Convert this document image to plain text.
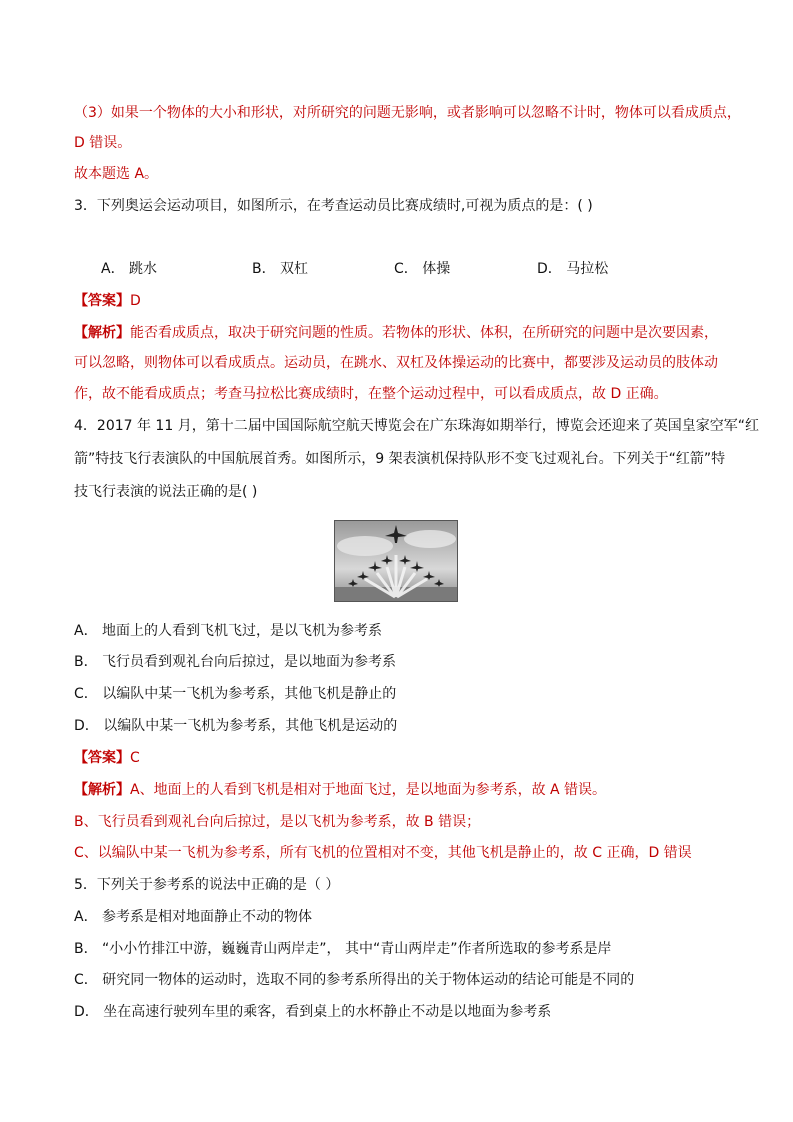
（3）如果一个物体的大小和形状，对所研究的问题无影响，或者影响可以忽略不计时，物体可以看成质点，
D 错误。
故本题选 A。
3．下列奥运会运动项目，如图所示，在考查运动员比赛成绩时,可视为质点的是：( )
A． 跳水	B． 双杠	C． 体操	D． 马拉松
【答案】D
【解析】能否看成质点，取决于研究问题的性质。若物体的形状、体积，在所研究的问题中是次要因素，
可以忽略，则物体可以看成质点。运动员，在跳水、双杠及体操运动的比赛中，都要涉及运动员的肢体动
作，故不能看成质点；考查马拉松比赛成绩时，在整个运动过程中，可以看成质点，故 D 正确。
4．2017 年 11 月，第十二届中国国际航空航天博览会在广东珠海如期举行，博览会还迎来了英国皇家空军“红
箭”特技飞行表演队的中国航展首秀。如图所示，9 架表演机保持队形不变飞过观礼台。下列关于“红箭”特
技飞行表演的说法正确的是( )
A． 地面上的人看到飞机飞过，是以飞机为参考系
B． 飞行员看到观礼台向后掠过，是以地面为参考系
C． 以编队中某一飞机为参考系，其他飞机是静止的
D． 以编队中某一飞机为参考系，其他飞机是运动的
【答案】C
【解析】A、地面上的人看到飞机是相对于地面飞过，是以地面为参考系，故 A 错误。
B、飞行员看到观礼台向后掠过，是以飞机为参考系，故 B 错误；
C、以编队中某一飞机为参考系，所有飞机的位置相对不变，其他飞机是静止的，故 C 正确，D 错误
5．下列关于参考系的说法中正确的是（ ）
A． 参考系是相对地面静止不动的物体
B． “小小竹排江中游，巍巍青山两岸走”， 其中“青山两岸走”作者所选取的参考系是岸
C． 研究同一物体的运动时，选取不同的参考系所得出的关于物体运动的结论可能是不同的
D． 坐在高速行驶列车里的乘客，看到桌上的水杯静止不动是以地面为参考系
